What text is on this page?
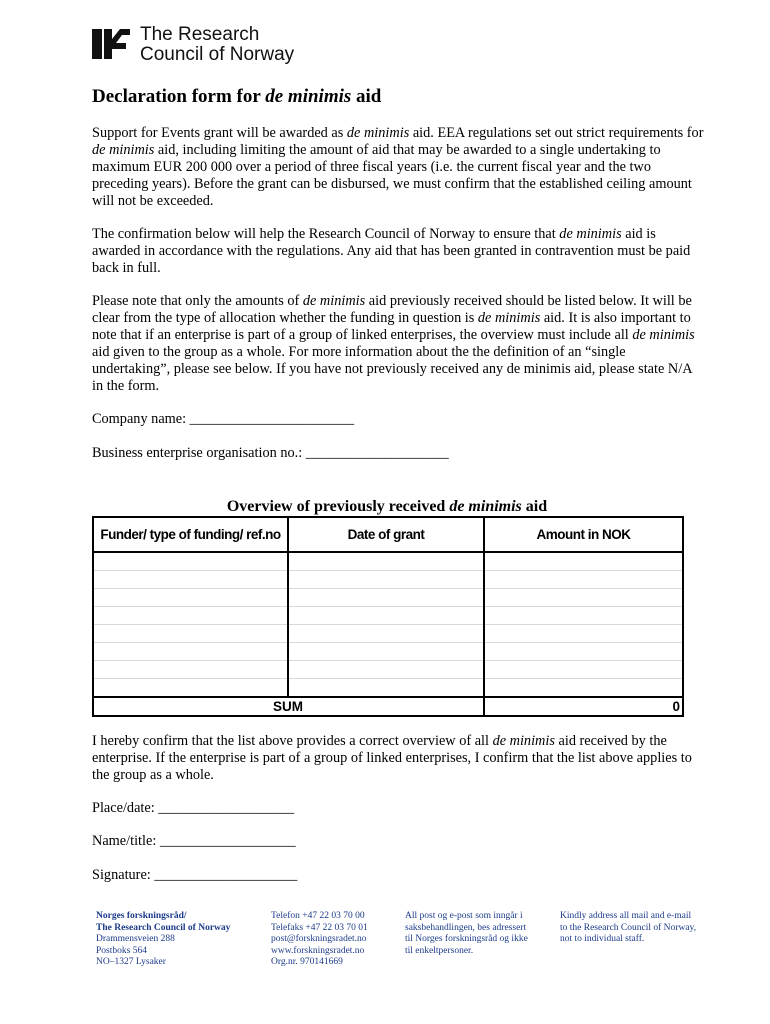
The Research
Council of Norway
Declaration form for de minimis aid

Support for Events grant will be awarded as de minimis aid. EEA regulations set out strict requirements for de minimis aid, including limiting the amount of aid that may be awarded to a single undertaking to maximum EUR 200 000 over a period of three fiscal years (i.e. the current fiscal year and the two preceding years). Before the grant can be disbursed, we must confirm that the established ceiling amount will not be exceeded.

The confirmation below will help the Research Council of Norway to ensure that de minimis aid is awarded in accordance with the regulations. Any aid that has been granted in contravention must be paid back in full.

Please note that only the amounts of de minimis aid previously received should be listed below. It will be clear from the type of allocation whether the funding in question is de minimis aid. It is also important to note that if an enterprise is part of a group of linked enterprises, the overview must include all de minimis aid given to the group as a whole. For more information about the the definition of an “single undertaking”, please see below. If you have not previously received any de minimis aid, please state N/A in the form.

Company name: _______________________
Business enterprise organisation no.: ____________________
Overview of previously received de minimis aid
Funder/ type of funding/ ref.no	Date of grant	Amount in NOK

SUM		0

I hereby confirm that the list above provides a correct overview of all de minimis aid received by the enterprise. If the enterprise is part of a group of linked enterprises, I confirm that the list above applies to the group as a whole.

Place/date: ___________________
Name/title: ___________________
Signature: ____________________
Norges forskningsråd/
The Research Council of Norway
Drammensveien 288
Postboks 564
NO–1327 Lysaker
Telefon +47 22 03 70 00
Telefaks +47 22 03 70 01
post@forskningsradet.no
www.forskningsradet.no
Org.nr. 970141669
All post og e-post som inngår i
saksbehandlingen, bes adressert
til Norges forskningsråd og ikke
til enkeltpersoner.
Kindly address all mail and e-mail
to the Research Council of Norway,
not to individual staff.
